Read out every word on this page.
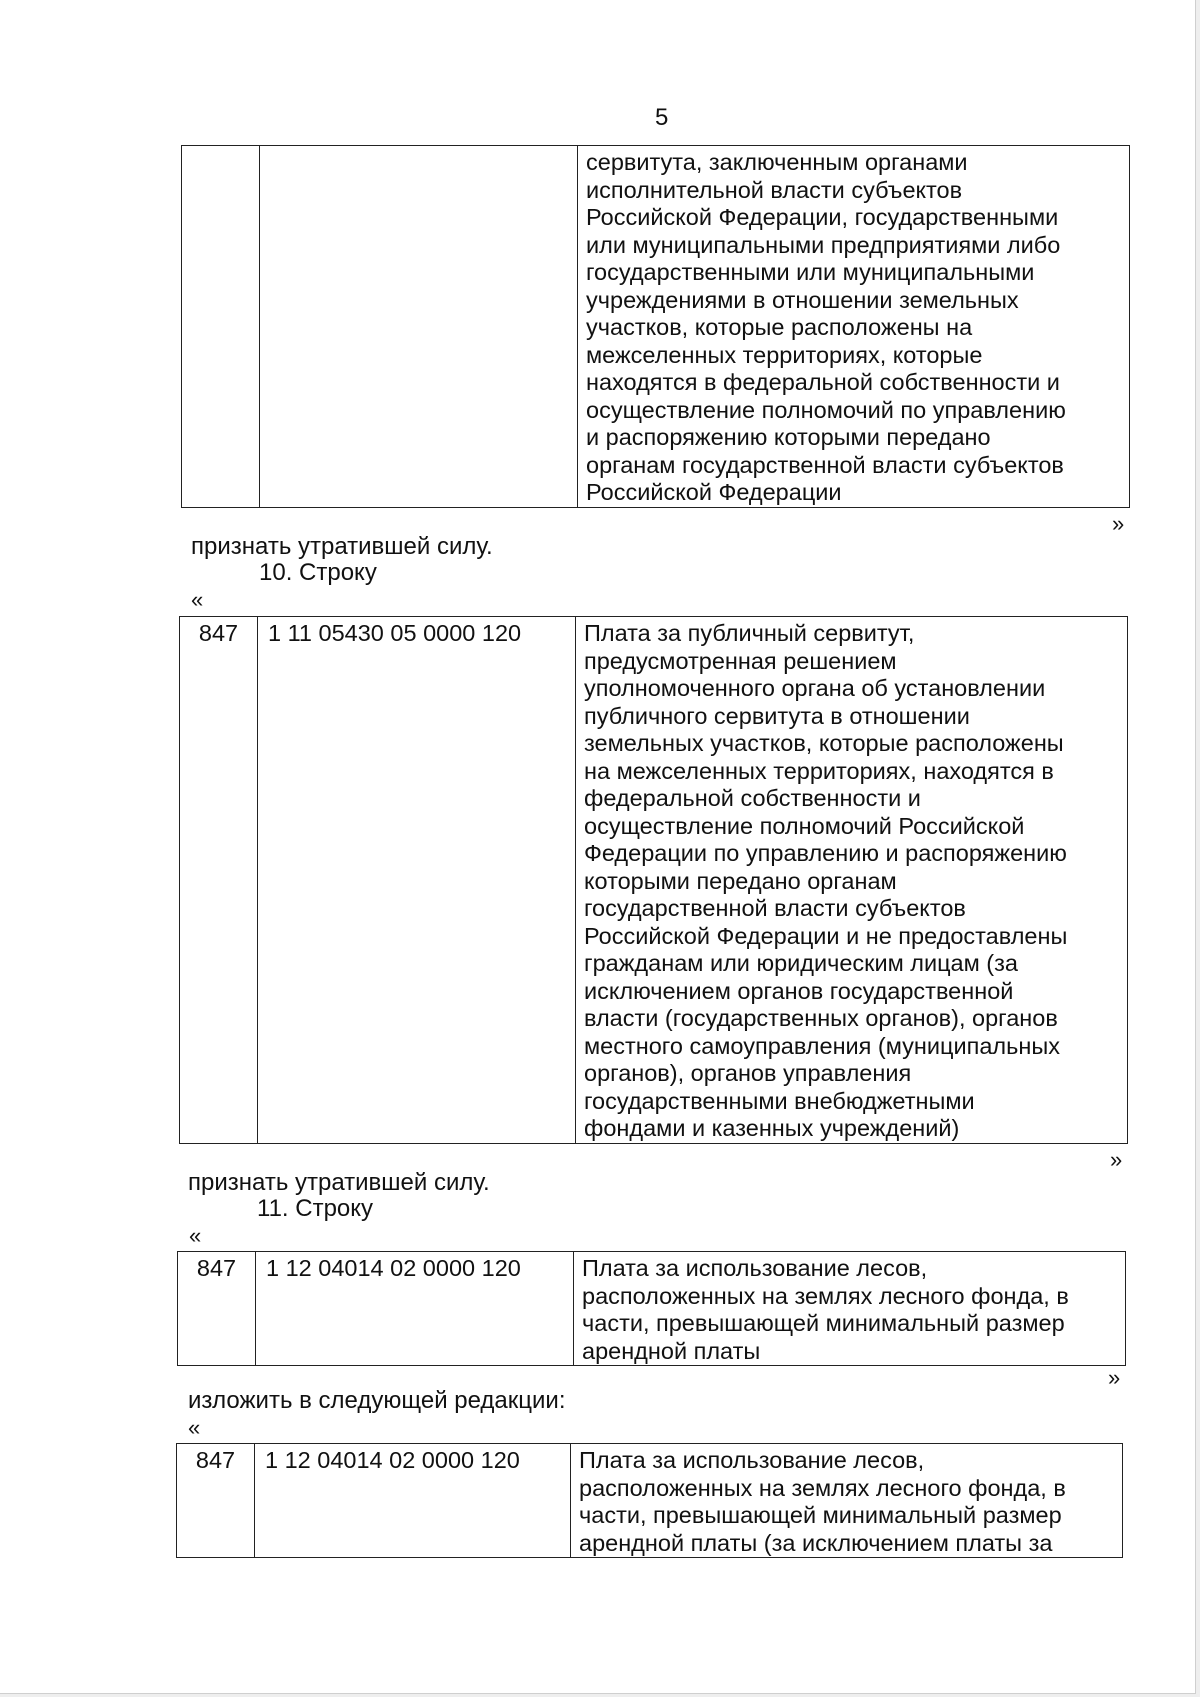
5

сервитута, заключенным органами
исполнительной власти субъектов
Российской Федерации, государственными
или муниципальными предприятиями либо
государственными или муниципальными
учреждениями в отношении земельных
участков, которые расположены на
межселенных территориях, которые
находятся в федеральной собственности и
осуществление полномочий по управлению
и распоряжению которыми передано
органам государственной власти субъектов
Российской Федерации
»
признать утратившей силу.
10. Строку
«
847	1 11 05430 05 0000 120	Плата за публичный сервитут,
предусмотренная решением
уполномоченного органа об установлении
публичного сервитута в отношении
земельных участков, которые расположены
на межселенных территориях, находятся в
федеральной собственности и
осуществление полномочий Российской
Федерации по управлению и распоряжению
которыми передано органам
государственной власти субъектов
Российской Федерации и не предоставлены
гражданам или юридическим лицам (за
исключением органов государственной
власти (государственных органов), органов
местного самоуправления (муниципальных
органов), органов управления
государственными внебюджетными
фондами и казенных учреждений)
»
признать утратившей силу.
11. Строку
«
847	1 12 04014 02 0000 120	Плата за использование лесов,
расположенных на землях лесного фонда, в
части, превышающей минимальный размер
арендной платы
»
изложить в следующей редакции:
«
847	1 12 04014 02 0000 120	Плата за использование лесов,
расположенных на землях лесного фонда, в
части, превышающей минимальный размер
арендной платы (за исключением платы за
